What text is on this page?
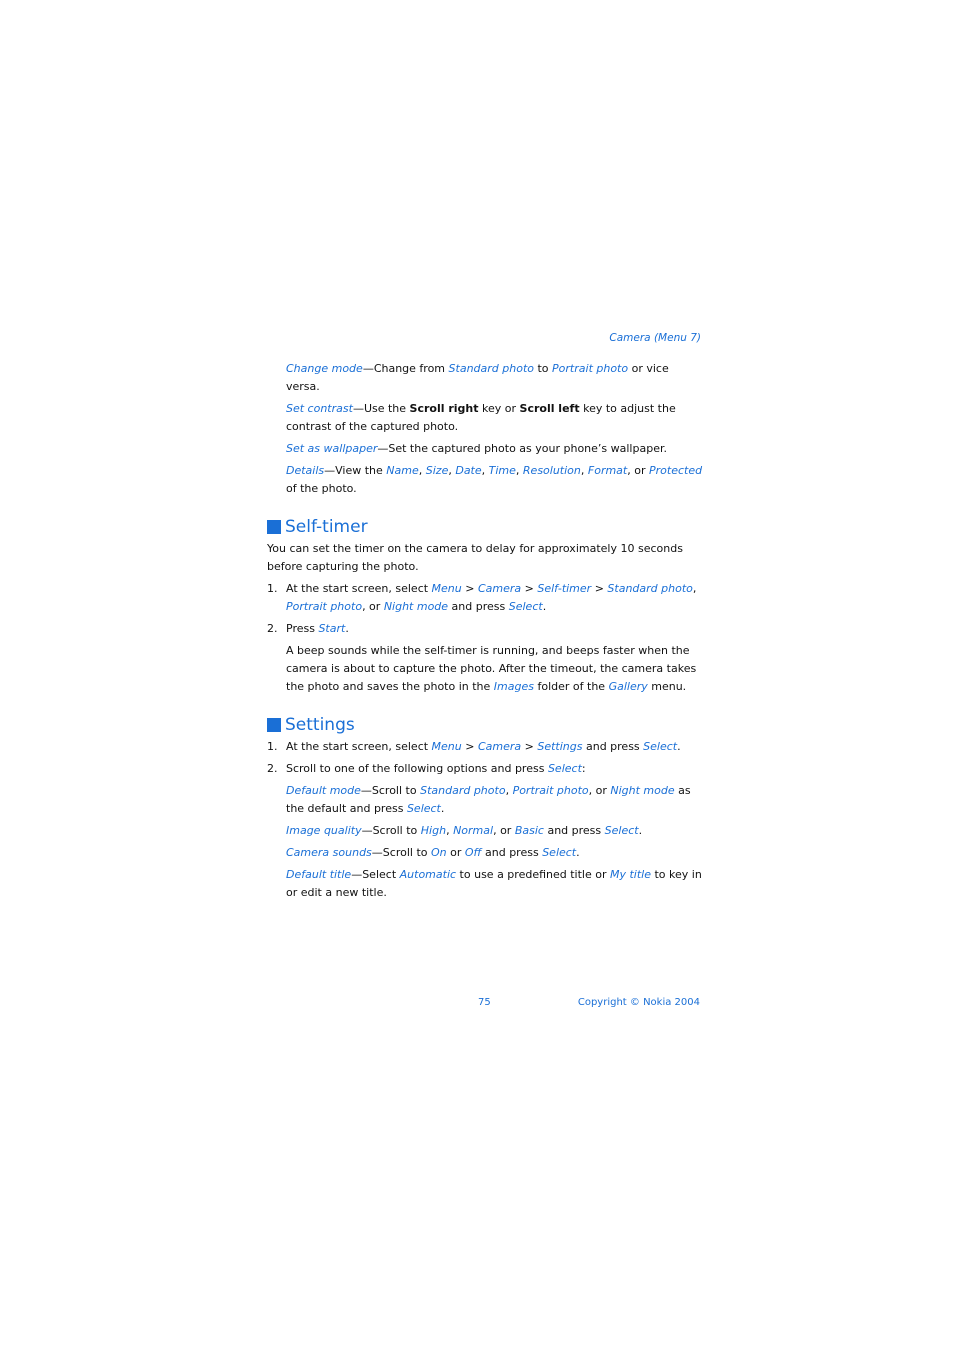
Camera (Menu 7)

Change mode—Change from Standard photo to Portrait photo or vice versa.

Set contrast—Use the Scroll right key or Scroll left key to adjust the contrast of the captured photo.

Set as wallpaper—Set the captured photo as your phone’s wallpaper.

Details—View the Name, Size, Date, Time, Resolution, Format, or Protected of the photo.

Self-timer

You can set the timer on the camera to delay for approximately 10 seconds before capturing the photo.

1. At the start screen, select Menu > Camera > Self-timer > Standard photo, Portrait photo, or Night mode and press Select.
2. Press Start.

A beep sounds while the self-timer is running, and beeps faster when the camera is about to capture the photo. After the timeout, the camera takes the photo and saves the photo in the Images folder of the Gallery menu.

Settings
1. At the start screen, select Menu > Camera > Settings and press Select.
2. Scroll to one of the following options and press Select:

Default mode—Scroll to Standard photo, Portrait photo, or Night mode as the default and press Select.

Image quality—Scroll to High, Normal, or Basic and press Select.

Camera sounds—Scroll to On or Off and press Select.

Default title—Select Automatic to use a predefined title or My title to key in or edit a new title.

75	Copyright © Nokia 2004
